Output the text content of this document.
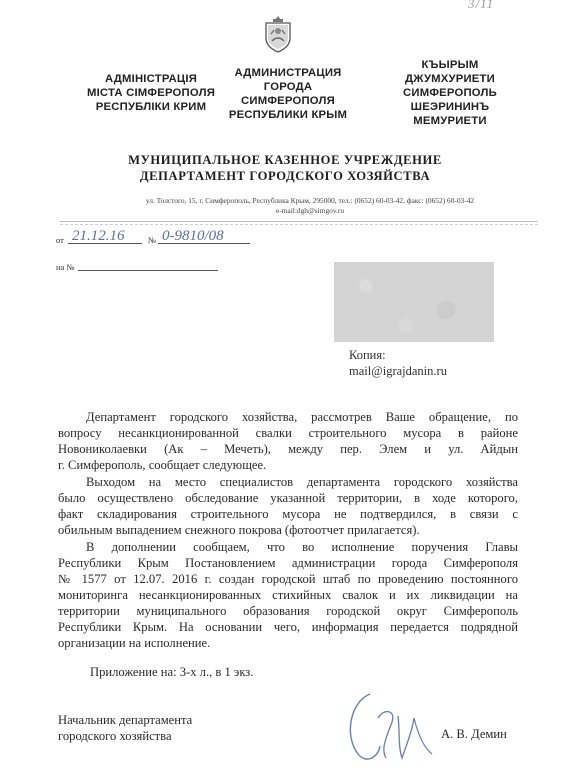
3/11
АДМІНІСТРАЦІЯ
МІСТА СІМФЕРОПОЛЯ
РЕСПУБЛІКИ КРИМ
АДМИНИСТРАЦИЯ
ГОРОДА
СИМФЕРОПОЛЯ
РЕСПУБЛИКИ КРЫМ
КЪЫРЫМ
ДЖУМХУРИЕТИ
СИМФЕРОПОЛЬ
ШЕЭРИНИНЪ
МЕМУРИЕТИ
МУНИЦИПАЛЬНОЕ КАЗЕННОЕ УЧРЕЖДЕНИЕ
ДЕПАРТАМЕНТ ГОРОДСКОГО ХОЗЯЙСТВА
ул. Толстого, 15, г. Симферополь, Республика Крым, 295000, тел.: (0652) 60-03-42, факс: (0652) 60-03-42
e-mail:dgh@simgov.ru
от 21.12.16	№ 0-9810/08
на №
Копия:
mail@igrajdanin.ru
Департамент городского хозяйства, рассмотрев Ваше обращение, по
вопросу несанкционированной свалки строительного мусора в районе
Новониколаевки (Ак – Мечеть), между пер. Элем и ул. Айдын
г. Симферополь, сообщает следующее.
Выходом на место специалистов департамента городского хозяйства
было осуществлено обследование указанной территории, в ходе которого,
факт складирования строительного мусора не подтвердился, в связи с
обильным выпадением снежного покрова (фотоотчет прилагается).
В дополнении сообщаем, что во исполнение поручения Главы
Республики Крым Постановлением администрации города Симферополя
№ 1577 от 12.07. 2016 г. создан городской штаб по проведению постоянного
мониторинга несанкционированных стихийных свалок и их ликвидации на
территории муниципального образования городской округ Симферополь
Республики Крым. На основании чего, информация передается подрядной
организации на исполнение.
Приложение на: 3-х л., в 1 экз.
Начальник департамента
городского хозяйства	А. В. Демин
